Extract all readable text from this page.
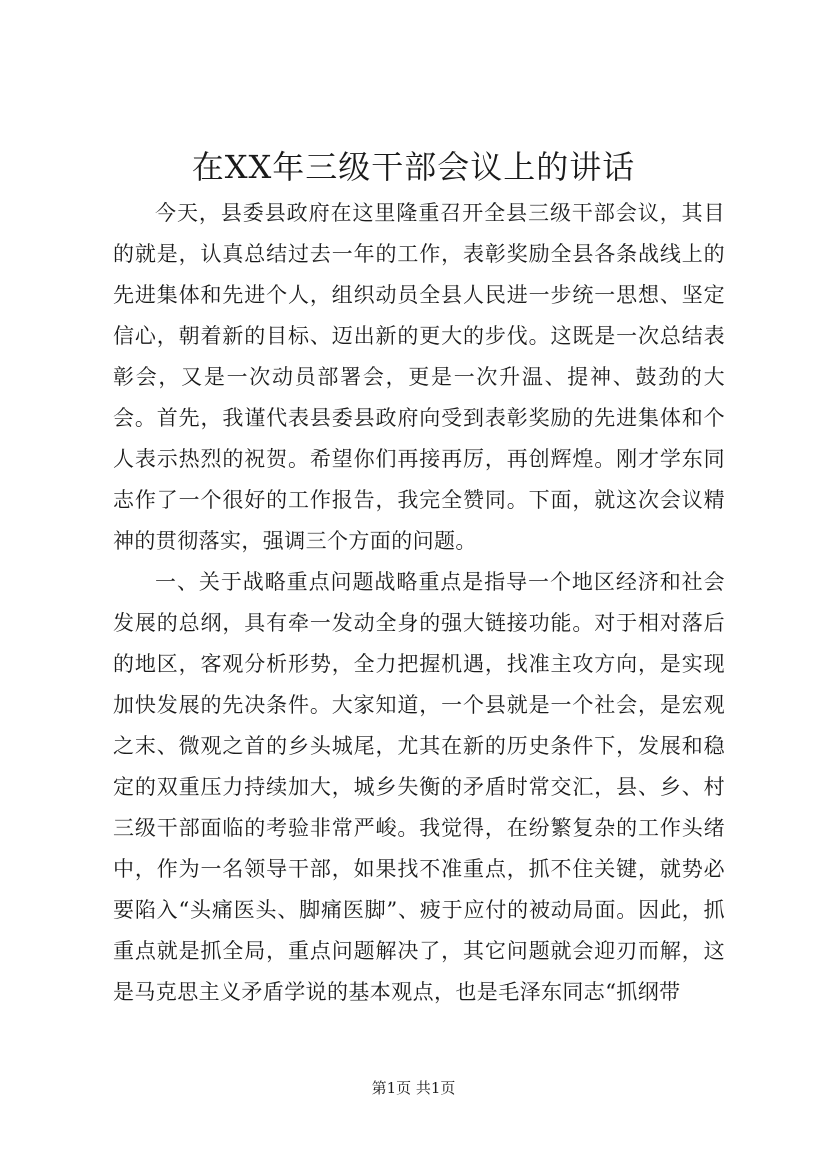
在XX年三级干部会议上的讲话

今天，县委县政府在这里隆重召开全县三级干部会议，其目的就是，认真总结过去一年的工作，表彰奖励全县各条战线上的先进集体和先进个人，组织动员全县人民进一步统一思想、坚定信心，朝着新的目标、迈出新的更大的步伐。这既是一次总结表彰会，又是一次动员部署会，更是一次升温、提神、鼓劲的大会。首先，我谨代表县委县政府向受到表彰奖励的先进集体和个人表示热烈的祝贺。希望你们再接再厉，再创辉煌。刚才学东同志作了一个很好的工作报告，我完全赞同。下面，就这次会议精神的贯彻落实，强调三个方面的问题。

一、关于战略重点问题战略重点是指导一个地区经济和社会发展的总纲，具有牵一发动全身的强大链接功能。对于相对落后的地区，客观分析形势，全力把握机遇，找准主攻方向，是实现加快发展的先决条件。大家知道，一个县就是一个社会，是宏观之末、微观之首的乡头城尾，尤其在新的历史条件下，发展和稳定的双重压力持续加大，城乡失衡的矛盾时常交汇，县、乡、村三级干部面临的考验非常严峻。我觉得，在纷繁复杂的工作头绪中，作为一名领导干部，如果找不准重点，抓不住关键，就势必要陷入“头痛医头、脚痛医脚”、疲于应付的被动局面。因此，抓重点就是抓全局，重点问题解决了，其它问题就会迎刃而解，这是马克思主义矛盾学说的基本观点，也是毛泽东同志“抓纲带

第1页 共1页
